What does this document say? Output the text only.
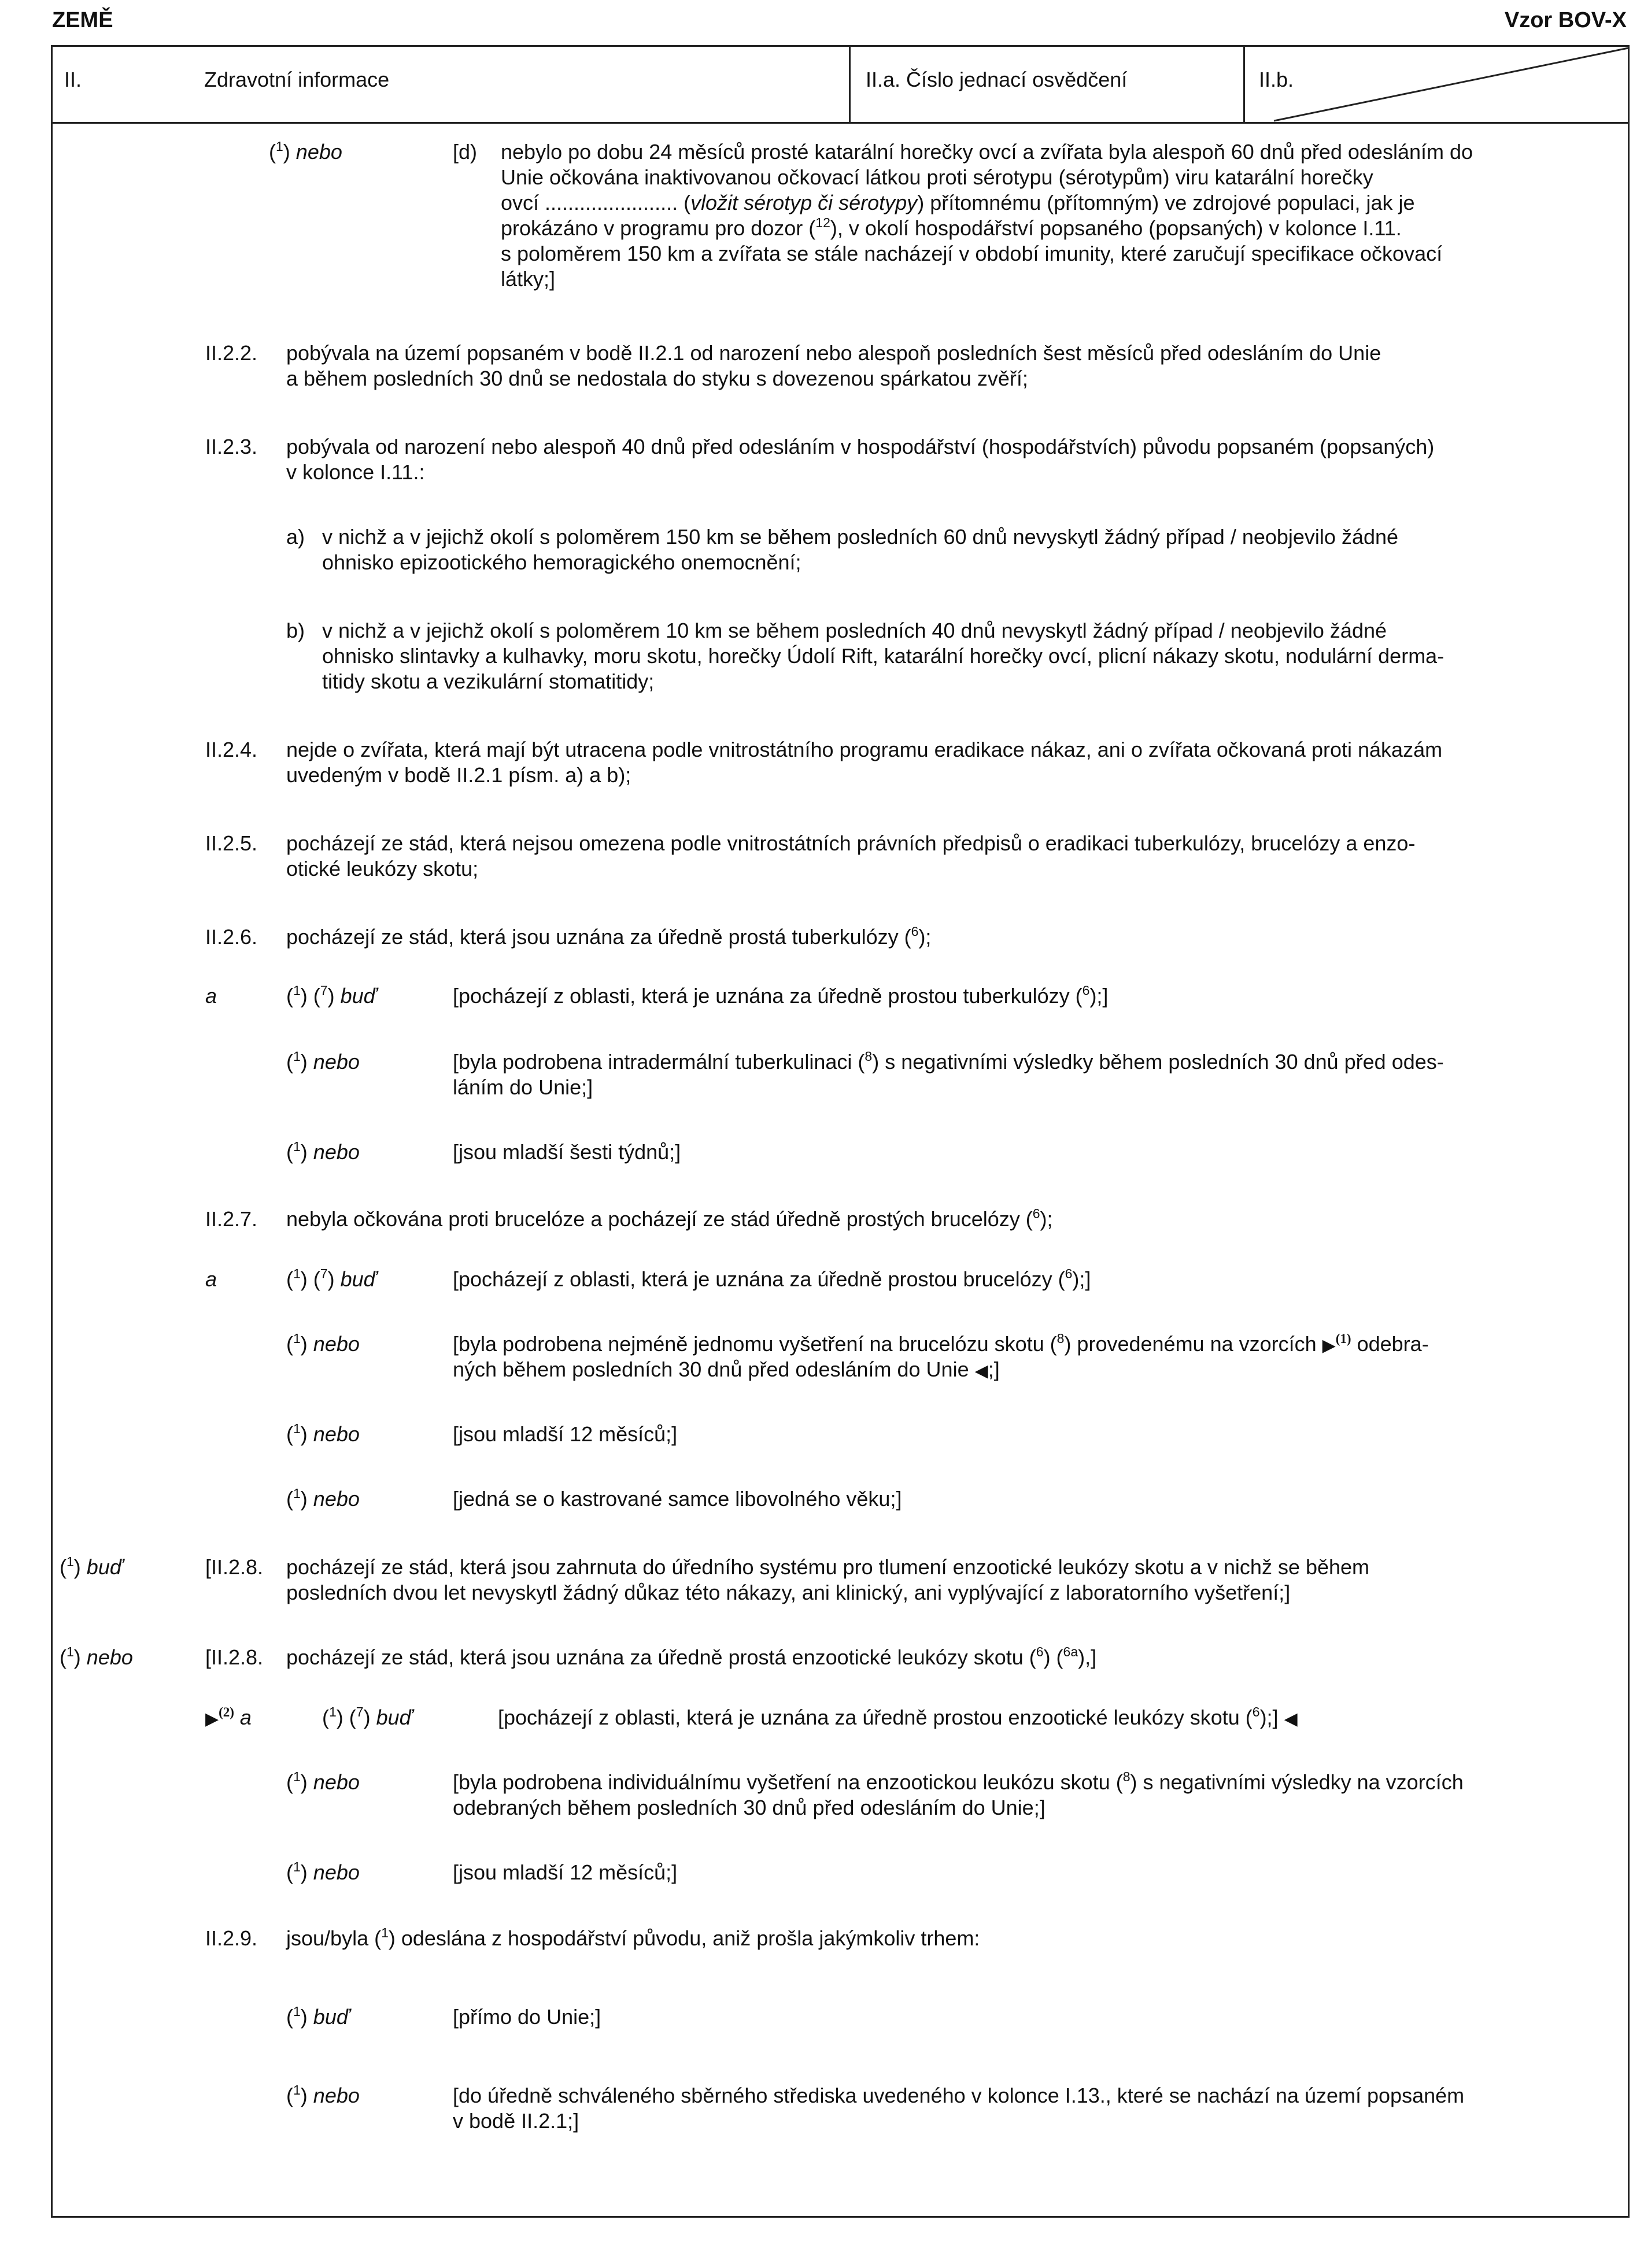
ZEMĚ	Vzor BOV-X
II.	Zdravotní informace	II.a. Číslo jednací osvědčení	II.b.
($^1$) nebo	[d) nebylo po dobu 24 měsíců prosté katarální horečky ovcí a zvířata byla alespoň 60 dnů před odesláním do
Unie očkována inaktivovanou očkovací látkou proti sérotypu (sérotypům) viru katarální horečky
ovcí ....................... (vložit sérotyp či sérotypy) přítomnému (přítomným) ve zdrojové populaci, jak je
prokázáno v programu pro dozor ($^{12}$), v okolí hospodářství popsaného (popsaných) v kolonce I.11.
s poloměrem 150 km a zvířata se stále nacházejí v období imunity, které zaručují specifikace očkovací
látky;]
II.2.2. pobývala na území popsaném v bodě II.2.1 od narození nebo alespoň posledních šest měsíců před odesláním do Unie
a během posledních 30 dnů se nedostala do styku s dovezenou spárkatou zvěří;
II.2.3. pobývala od narození nebo alespoň 40 dnů před odesláním v hospodářství (hospodářstvích) původu popsaném (popsaných)
v kolonce I.11.:
a) v nichž a v jejichž okolí s poloměrem 150 km se během posledních 60 dnů nevyskytl žádný případ / neobjevilo žádné
ohnisko epizootického hemoragického onemocnění;
b) v nichž a v jejichž okolí s poloměrem 10 km se během posledních 40 dnů nevyskytl žádný případ / neobjevilo žádné
ohnisko slintavky a kulhavky, moru skotu, horečky Údolí Rift, katarální horečky ovcí, plicní nákazy skotu, nodulární derma-
titidy skotu a vezikulární stomatitidy;
II.2.4. nejde o zvířata, která mají být utracena podle vnitrostátního programu eradikace nákaz, ani o zvířata očkovaná proti nákazám
uvedeným v bodě II.2.1 písm. a) a b);
II.2.5. pocházejí ze stád, která nejsou omezena podle vnitrostátních právních předpisů o eradikaci tuberkulózy, brucelózy a enzo-
otické leukózy skotu;
II.2.6. pocházejí ze stád, která jsou uznána za úředně prostá tuberkulózy ($^6$);
a	($^1$) ($^7$) buď	[pocházejí z oblasti, která je uznána za úředně prostou tuberkulózy ($^6$);]
($^1$) nebo	[byla podrobena intradermální tuberkulinaci ($^8$) s negativními výsledky během posledních 30 dnů před odes-
láním do Unie;]
($^1$) nebo	[jsou mladší šesti týdnů;]
II.2.7. nebyla očkována proti brucelóze a pocházejí ze stád úředně prostých brucelózy ($^6$);
a	($^1$) ($^7$) buď	[pocházejí z oblasti, která je uznána za úředně prostou brucelózy ($^6$);]
($^1$) nebo	[byla podrobena nejméně jednomu vyšetření na brucelózu skotu ($^8$) provedenému na vzorcích ▶$^{(1)}$ odebra-
ných během posledních 30 dnů před odesláním do Unie ◀;]
($^1$) nebo	[jsou mladší 12 měsíců;]
($^1$) nebo	[jedná se o kastrované samce libovolného věku;]
($^1$) buď	[II.2.8. pocházejí ze stád, která jsou zahrnuta do úředního systému pro tlumení enzootické leukózy skotu a v nichž se během
posledních dvou let nevyskytl žádný důkaz této nákazy, ani klinický, ani vyplývající z laboratorního vyšetření;]
($^1$) nebo	[II.2.8. pocházejí ze stád, která jsou uznána za úředně prostá enzootické leukózy skotu ($^6$) ($^{6a}$),]
▶$^{(2)}$ a	($^1$) ($^7$) buď	[pocházejí z oblasti, která je uznána za úředně prostou enzootické leukózy skotu ($^6$);] ◀
($^1$) nebo	[byla podrobena individuálnímu vyšetření na enzootickou leukózu skotu ($^8$) s negativními výsledky na vzorcích
odebraných během posledních 30 dnů před odesláním do Unie;]
($^1$) nebo	[jsou mladší 12 měsíců;]
II.2.9. jsou/byla ($^1$) odeslána z hospodářství původu, aniž prošla jakýmkoliv trhem:
($^1$) buď	[přímo do Unie;]
($^1$) nebo	[do úředně schváleného sběrného střediska uvedeného v kolonce I.13., které se nachází na území popsaném
v bodě II.2.1;]
